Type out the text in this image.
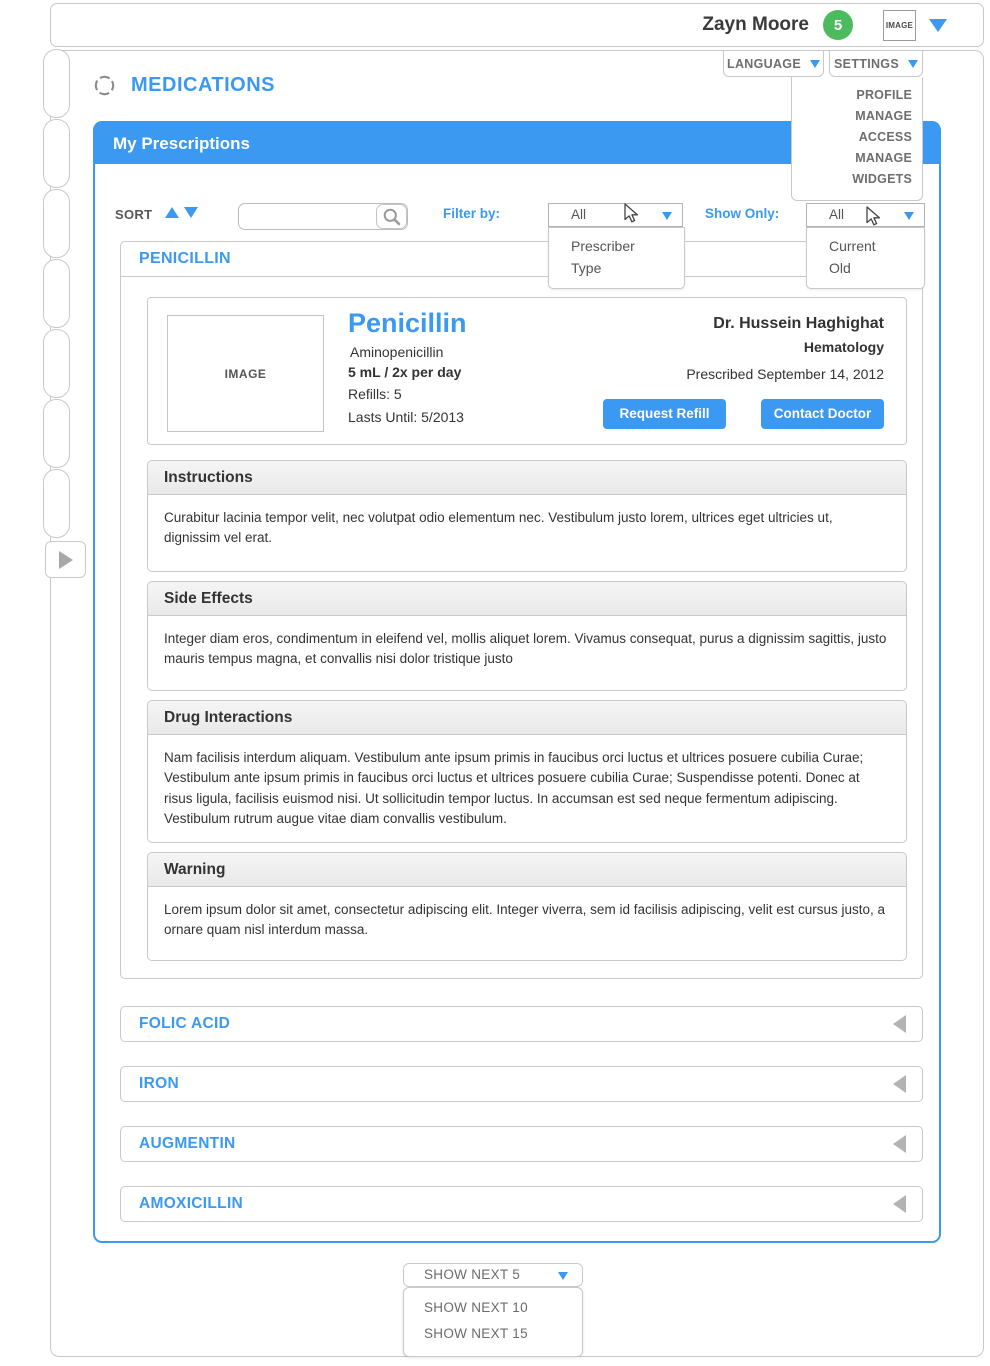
Zayn Moore	5	IMAGE
MEDICATIONS
LANGUAGE	SETTINGS
PROFILE
MANAGE ACCESS
MANAGE WIDGETS
My Prescriptions
SORT	Filter by:	All
Prescriber
Type
Show Only:	All
Current
Old
PENICILLIN
IMAGE
Penicillin
Aminopenicillin
5 mL / 2x per day
Refills: 5
Lasts Until: 5/2013
Dr. Hussein Haghighat
Hematology
Prescribed September 14, 2012
Request Refill	Contact Doctor
Instructions
Curabitur lacinia tempor velit, nec volutpat odio elementum nec. Vestibulum justo lorem, ultrices eget ultricies ut, dignissim vel erat.
Side Effects
Integer diam eros, condimentum in eleifend vel, mollis aliquet lorem. Vivamus consequat, purus a dignissim sagittis, justo mauris tempus magna, et convallis nisi dolor tristique justo
Drug Interactions
Nam facilisis interdum aliquam. Vestibulum ante ipsum primis in faucibus orci luctus et ultrices posuere cubilia Curae; Vestibulum ante ipsum primis in faucibus orci luctus et ultrices posuere cubilia Curae; Suspendisse potenti. Donec at risus ligula, facilisis euismod nisi. Ut sollicitudin tempor luctus. In accumsan est sed neque fermentum adipiscing. Vestibulum rutrum augue vitae diam convallis vestibulum.
Warning
Lorem ipsum dolor sit amet, consectetur adipiscing elit. Integer viverra, sem id facilisis adipiscing, velit est cursus justo, a ornare quam nisl interdum massa.
FOLIC ACID
IRON
AUGMENTIN
AMOXICILLIN
SHOW NEXT 5
SHOW NEXT 10
SHOW NEXT 15
